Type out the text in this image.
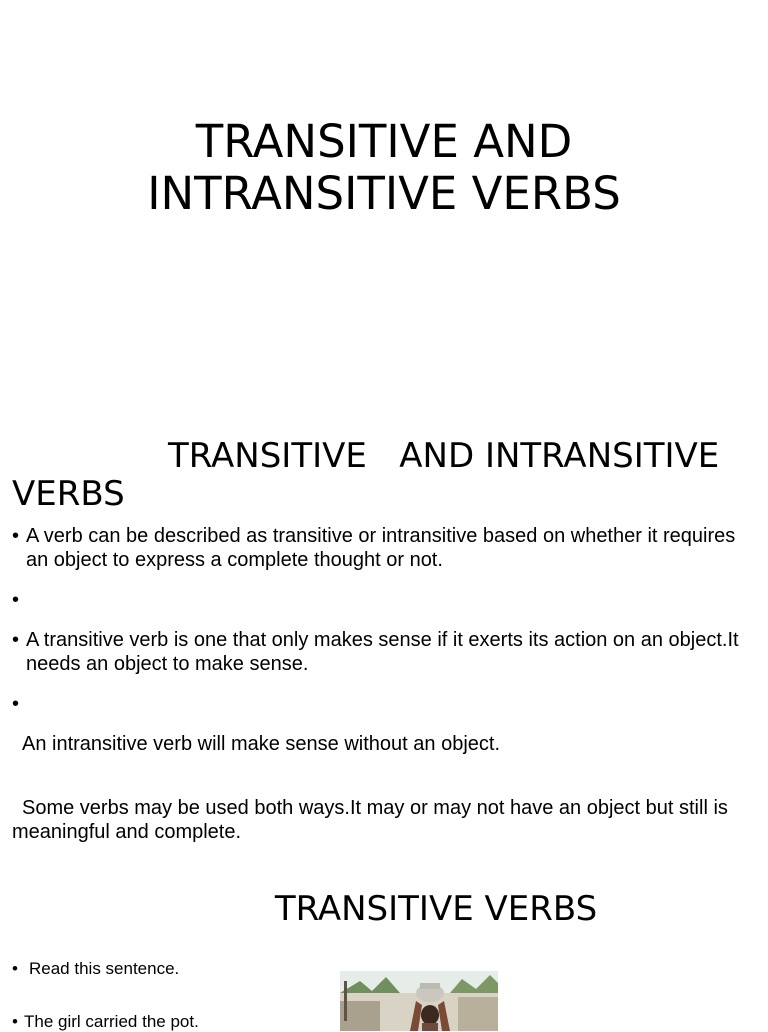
TRANSITIVE AND
INTRANSITIVE VERBS
TRANSITIVE   AND INTRANSITIVE
VERBS

• A verb can be described as transitive or intransitive based on whether it requires an object to express a complete thought or not.

•

• A transitive verb is one that only makes sense if it exerts its action on an object.It needs an object to make sense.

•

An intransitive verb will make sense without an object.

Some verbs may be used both ways.It may or may not have an object but still is meaningful and complete.

TRANSITIVE VERBS
• Read this sentence.
• The girl carried the pot.
